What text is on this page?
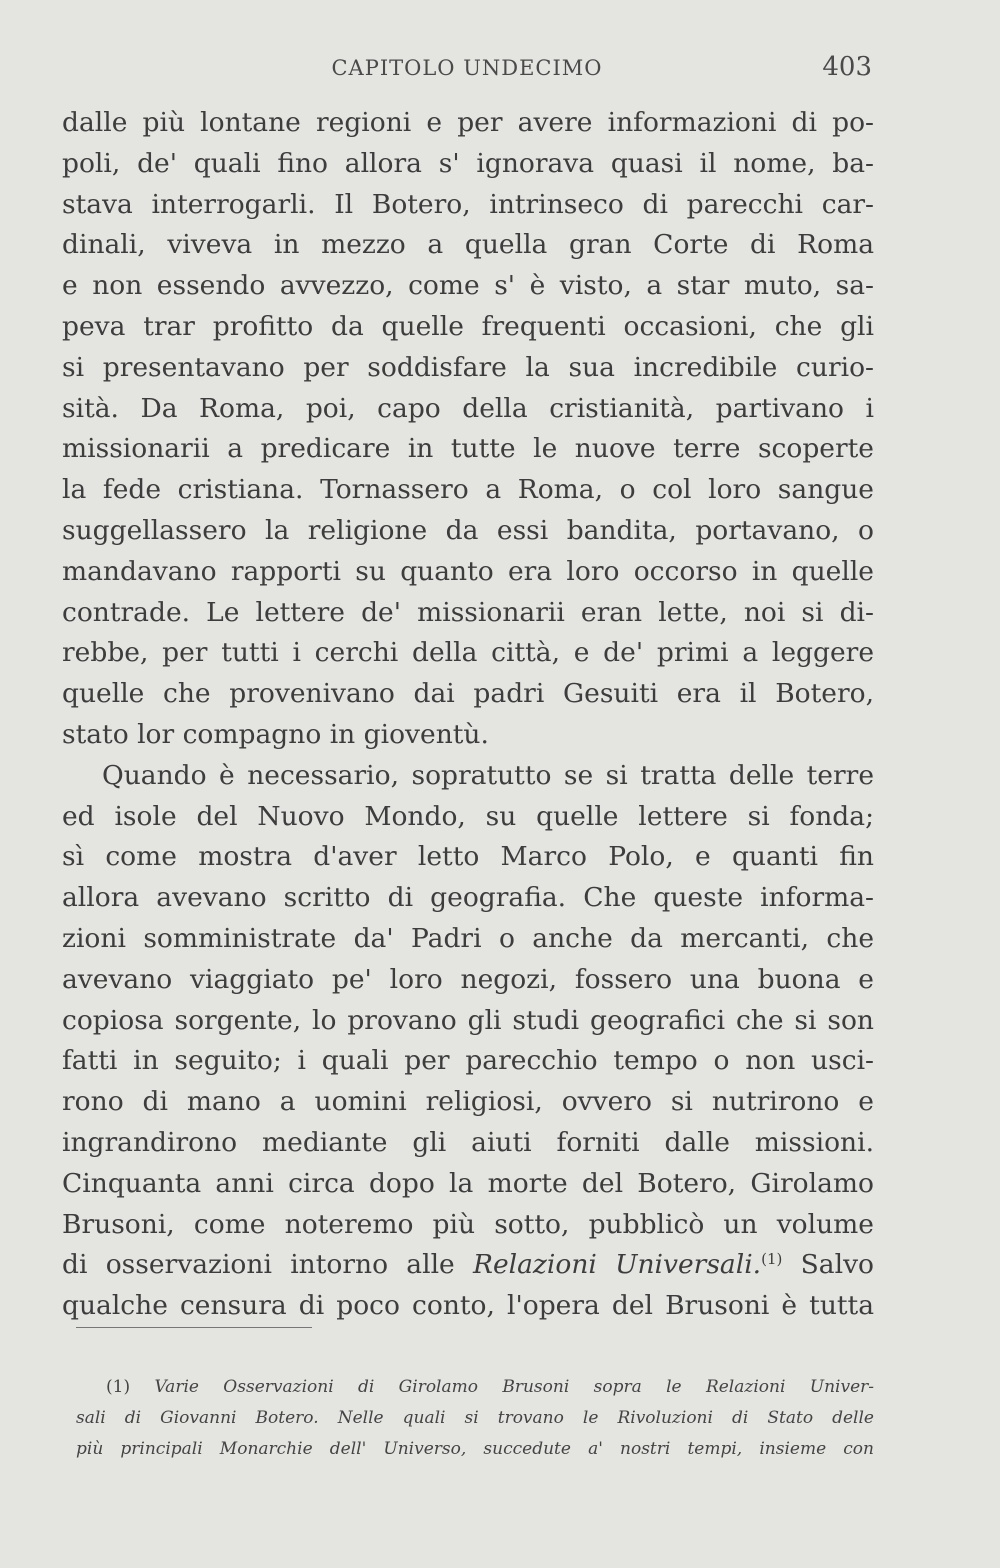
CAPITOLO UNDECIMO	403
dalle più lontane regioni e per avere informazioni di po-
poli, de' quali fino allora s' ignorava quasi il nome, ba-
stava interrogarli. Il Botero, intrinseco di parecchi car-
dinali, viveva in mezzo a quella gran Corte di Roma
e non essendo avvezzo, come s' è visto, a star muto, sa-
peva trar profitto da quelle frequenti occasioni, che gli
si presentavano per soddisfare la sua incredibile curio-
sità. Da Roma, poi, capo della cristianità, partivano i
missionarii a predicare in tutte le nuove terre scoperte
la fede cristiana. Tornassero a Roma, o col loro sangue
suggellassero la religione da essi bandita, portavano, o
mandavano rapporti su quanto era loro occorso in quelle
contrade. Le lettere de' missionarii eran lette, noi si di-
rebbe, per tutti i cerchi della città, e de' primi a leggere
quelle che provenivano dai padri Gesuiti era il Botero,
stato lor compagno in gioventù.
Quando è necessario, sopratutto se si tratta delle terre
ed isole del Nuovo Mondo, su quelle lettere si fonda;
sì come mostra d'aver letto Marco Polo, e quanti fin
allora avevano scritto di geografia. Che queste informa-
zioni somministrate da' Padri o anche da mercanti, che
avevano viaggiato pe' loro negozi, fossero una buona e
copiosa sorgente, lo provano gli studi geografici che si son
fatti in seguito; i quali per parecchio tempo o non usci-
rono di mano a uomini religiosi, ovvero si nutrirono e
ingrandirono mediante gli aiuti forniti dalle missioni.
Cinquanta anni circa dopo la morte del Botero, Girolamo
Brusoni, come noteremo più sotto, pubblicò un volume
di osservazioni intorno alle Relazioni Universali.$^{(1)}$ Salvo
qualche censura di poco conto, l'opera del Brusoni è tutta
(1) Varie Osservazioni di Girolamo Brusoni sopra le Relazioni Univer-
sali di Giovanni Botero. Nelle quali si trovano le Rivoluzioni di Stato delle
più principali Monarchie dell' Universo, succedute a' nostri tempi, insieme con
